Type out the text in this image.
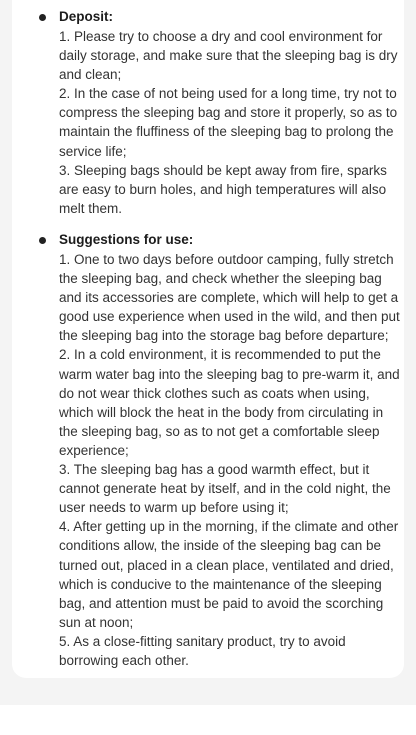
Deposit:
1. Please try to choose a dry and cool environment for daily storage, and make sure that the sleeping bag is dry and clean;
2. In the case of not being used for a long time, try not to compress the sleeping bag and store it properly, so as to maintain the fluffiness of the sleeping bag to prolong the service life;
3. Sleeping bags should be kept away from fire, sparks are easy to burn holes, and high temperatures will also melt them.
Suggestions for use:
1. One to two days before outdoor camping, fully stretch the sleeping bag, and check whether the sleeping bag and its accessories are complete, which will help to get a good use experience when used in the wild, and then put the sleeping bag into the storage bag before departure;
2. In a cold environment, it is recommended to put the warm water bag into the sleeping bag to pre-warm it, and do not wear thick clothes such as coats when using, which will block the heat in the body from circulating in the sleeping bag, so as to not get a comfortable sleep experience;
3. The sleeping bag has a good warmth effect, but it cannot generate heat by itself, and in the cold night, the user needs to warm up before using it;
4. After getting up in the morning, if the climate and other conditions allow, the inside of the sleeping bag can be turned out, placed in a clean place, ventilated and dried, which is conducive to the maintenance of the sleeping bag, and attention must be paid to avoid the scorching sun at noon;
5. As a close-fitting sanitary product, try to avoid borrowing each other.
